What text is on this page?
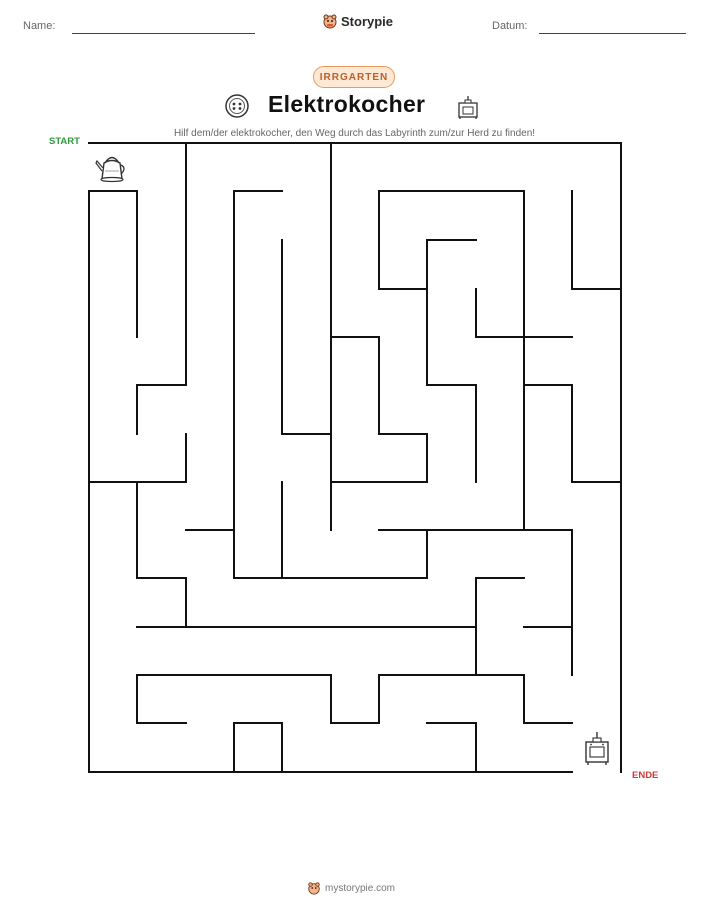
Name:	Datum:
Storypie
IRRGARTEN
Elektrokocher
Hilf dem/der elektrokocher, den Weg durch das Labyrinth zum/zur Herd zu finden!
START
ENDE
mystorypie.com
